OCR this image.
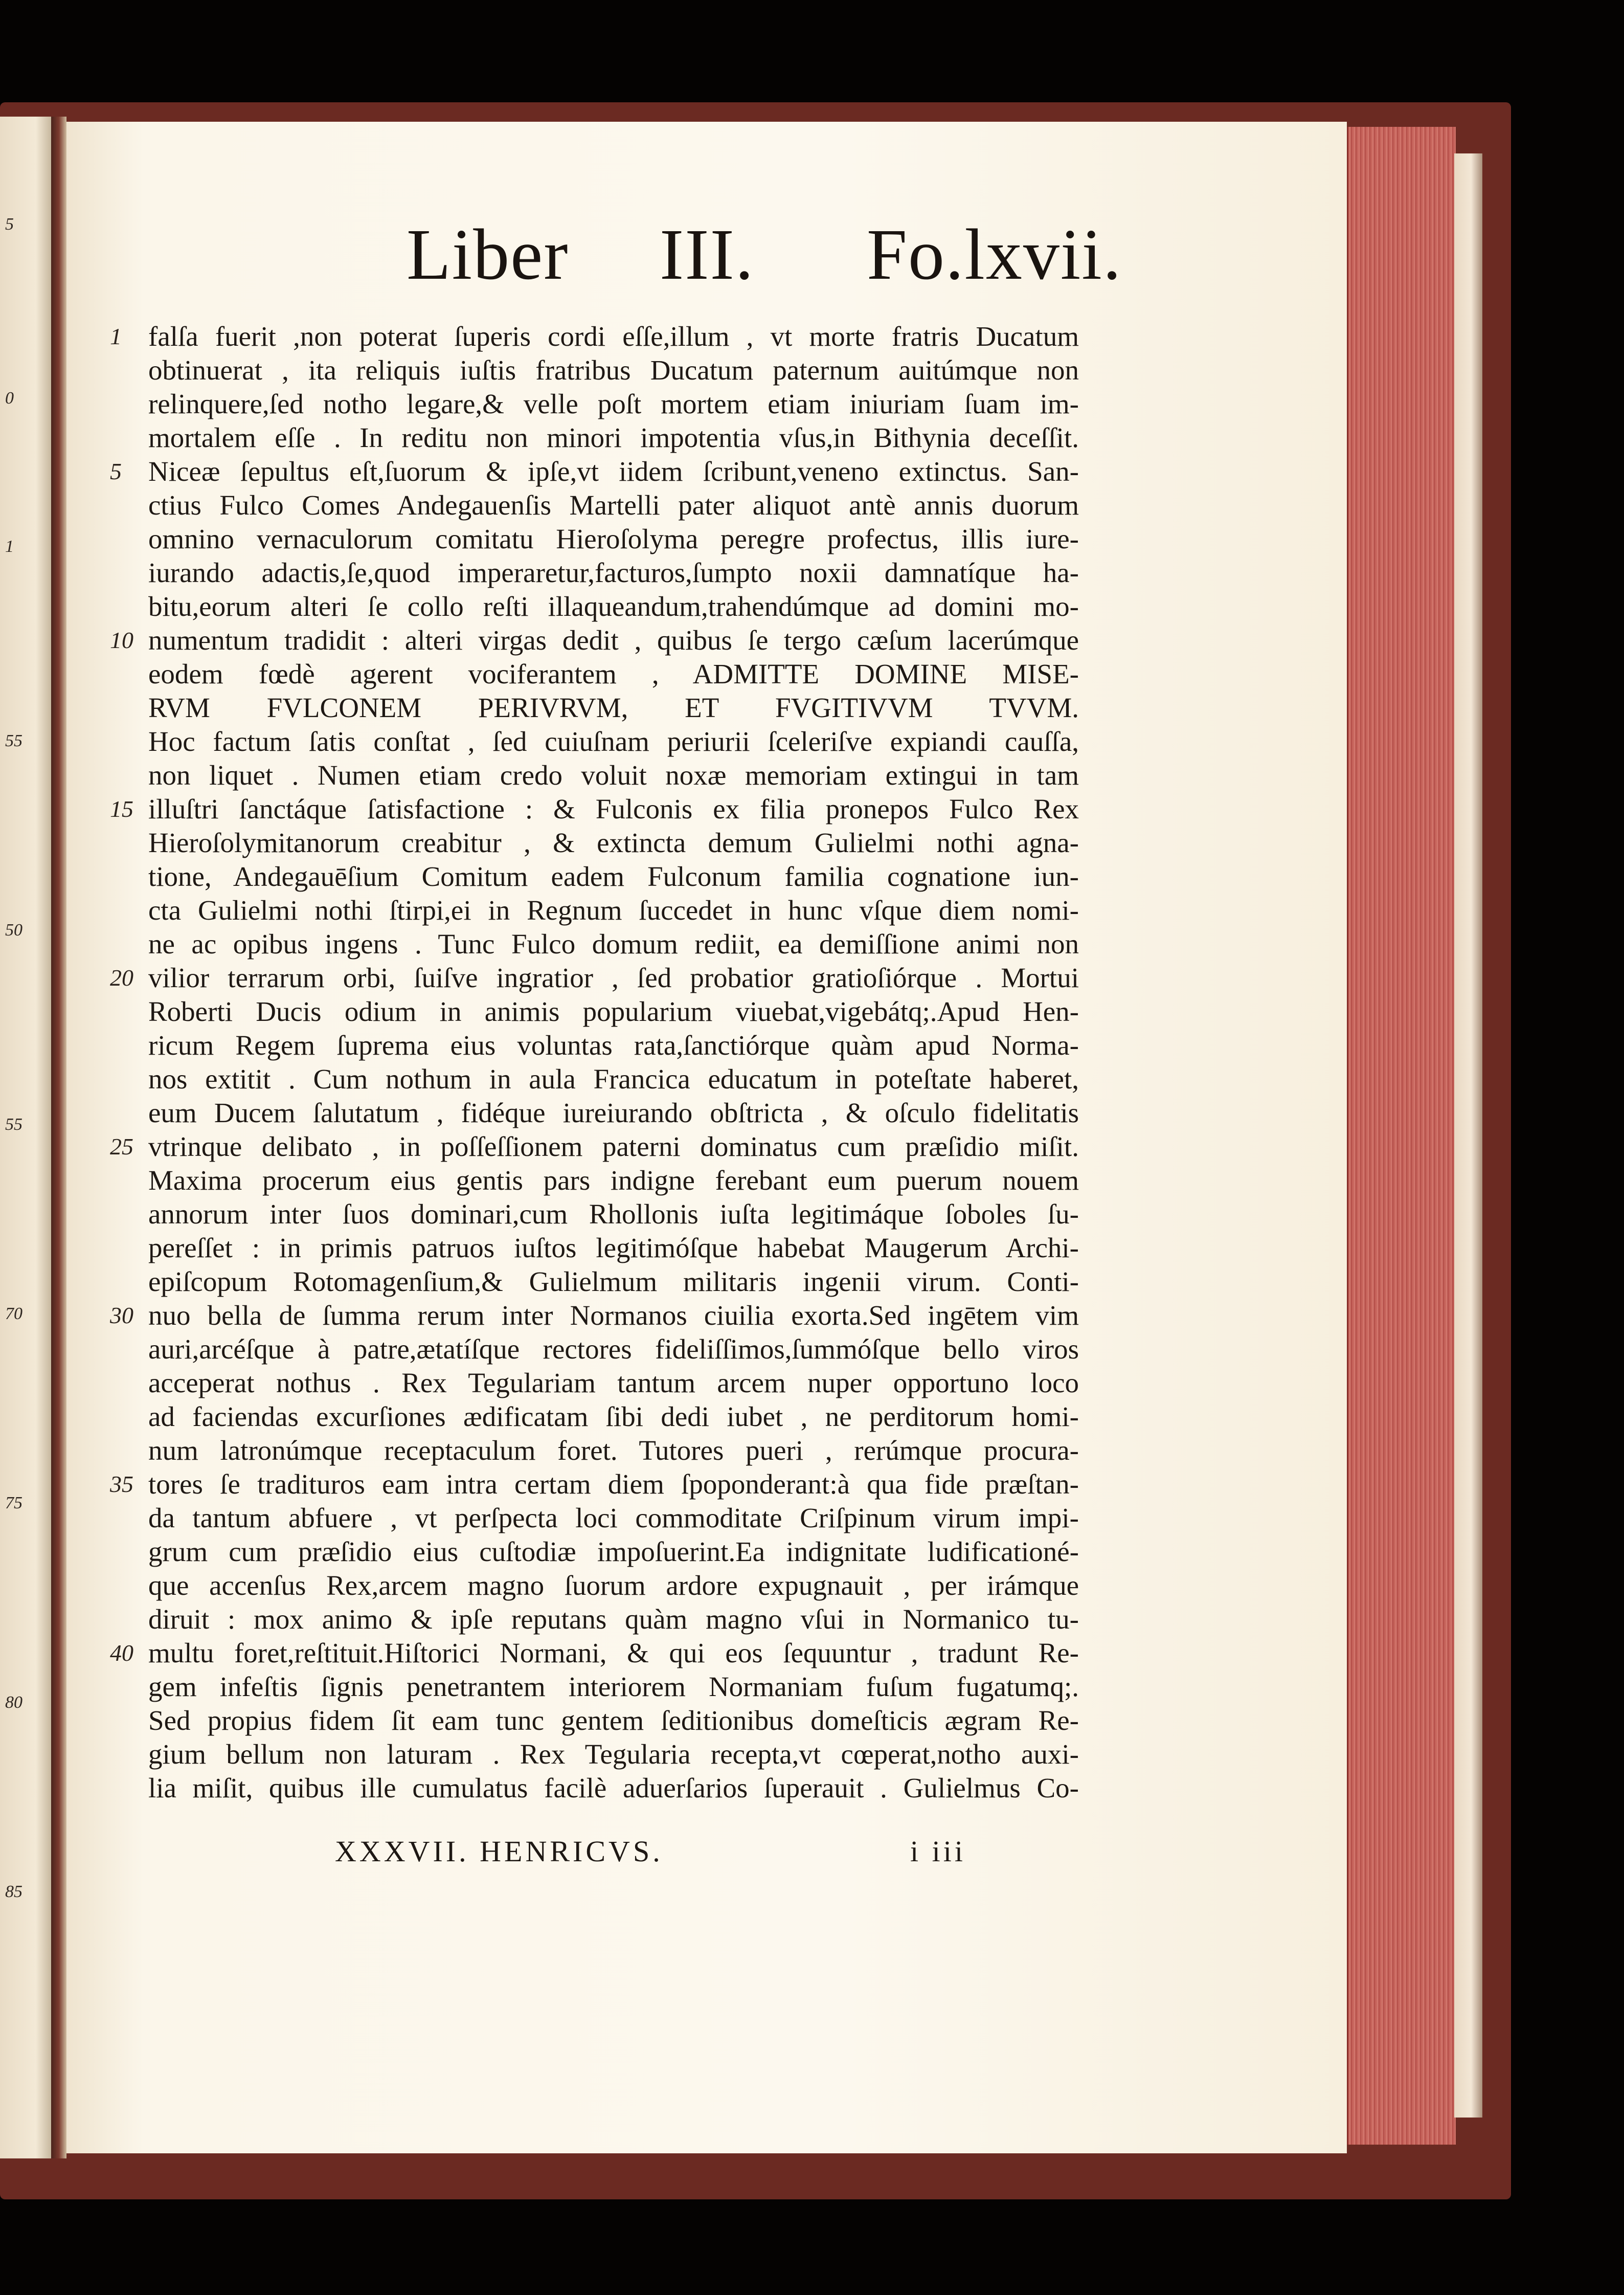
5
0
1
55
50
55
70
75
80
85
Liber III. Fo.lxvii.
1 falſa fuerit ,non poterat ſuperis cordi eſſe,illum , vt morte fratris Ducatum
obtinuerat , ita reliquis iuſtis fratribus Ducatum paternum auitúmque non
relinquere,ſed notho legare,& velle poſt mortem etiam iniuriam ſuam im-
mortalem eſſe . In reditu non minori impotentia vſus,in Bithynia deceſſit.
5 Niceæ ſepultus eſt,ſuorum & ipſe,vt iidem ſcribunt,veneno extinctus. San-
ctius Fulco Comes Andegauenſis Martelli pater aliquot antè annis duorum
omnino vernaculorum comitatu Hieroſolyma peregre profectus, illis iure-
iurando adactis,ſe,quod imperaretur,facturos,ſumpto noxii damnatíque ha-
bitu,eorum alteri ſe collo reſti illaqueandum,trahendúmque ad domini mo-
10 numentum tradidit : alteri virgas dedit , quibus ſe tergo cæſum lacerúmque
eodem fœdè agerent vociferantem , ADMITTE DOMINE MISE-
RVM FVLCONEM PERIVRVM, ET FVGITIVVM TVVM.
Hoc factum ſatis conſtat , ſed cuiuſnam periurii ſceleriſve expiandi cauſſa,
non liquet . Numen etiam credo voluit noxæ memoriam extingui in tam
15 illuſtri ſanctáque ſatisfactione : & Fulconis ex filia pronepos Fulco Rex
Hieroſolymitanorum creabitur , & extincta demum Gulielmi nothi agna-
tione, Andegauēſium Comitum eadem Fulconum familia cognatione iun-
cta Gulielmi nothi ſtirpi,ei in Regnum ſuccedet in hunc vſque diem nomi-
ne ac opibus ingens . Tunc Fulco domum rediit, ea demiſſione animi non
20 vilior terrarum orbi, ſuiſve ingratior , ſed probatior gratioſiórque . Mortui
Roberti Ducis odium in animis popularium viuebat,vigebátq;.Apud Hen-
ricum Regem ſuprema eius voluntas rata,ſanctiórque quàm apud Norma-
nos extitit . Cum nothum in aula Francica educatum in poteſtate haberet,
eum Ducem ſalutatum , fidéque iureiurando obſtricta , & oſculo fidelitatis
25 vtrinque delibato , in poſſeſſionem paterni dominatus cum præſidio miſit.
Maxima procerum eius gentis pars indigne ferebant eum puerum nouem
annorum inter ſuos dominari,cum Rhollonis iuſta legitimáque ſoboles ſu-
pereſſet : in primis patruos iuſtos legitimóſque habebat Maugerum Archi-
epiſcopum Rotomagenſium,& Gulielmum militaris ingenii virum. Conti-
30 nuo bella de ſumma rerum inter Normanos ciuilia exorta.Sed ingētem vim
auri,arcéſque à patre,ætatíſque rectores fideliſſimos,ſummóſque bello viros
acceperat nothus . Rex Tegulariam tantum arcem nuper opportuno loco
ad faciendas excurſiones ædificatam ſibi dedi iubet , ne perditorum homi-
num latronúmque receptaculum foret. Tutores pueri , rerúmque procura-
35 tores ſe tradituros eam intra certam diem ſpoponderant:à qua fide præſtan-
da tantum abfuere , vt perſpecta loci commoditate Criſpinum virum impi-
grum cum præſidio eius cuſtodiæ impoſuerint.Ea indignitate ludificationé-
que accenſus Rex,arcem magno ſuorum ardore expugnauit , per irámque
diruit : mox animo & ipſe reputans quàm magno vſui in Normanico tu-
40 multu foret,reſtituit.Hiſtorici Normani, & qui eos ſequuntur , tradunt Re-
gem infeſtis ſignis penetrantem interiorem Normaniam fuſum fugatumq;.
Sed propius fidem ſit eam tunc gentem ſeditionibus domeſticis ægram Re-
gium bellum non laturam . Rex Tegularia recepta,vt cœperat,notho auxi-
lia miſit, quibus ille cumulatus facilè aduerſarios ſuperauit . Gulielmus Co-
XXXVII. HENRICVS.	i iii
